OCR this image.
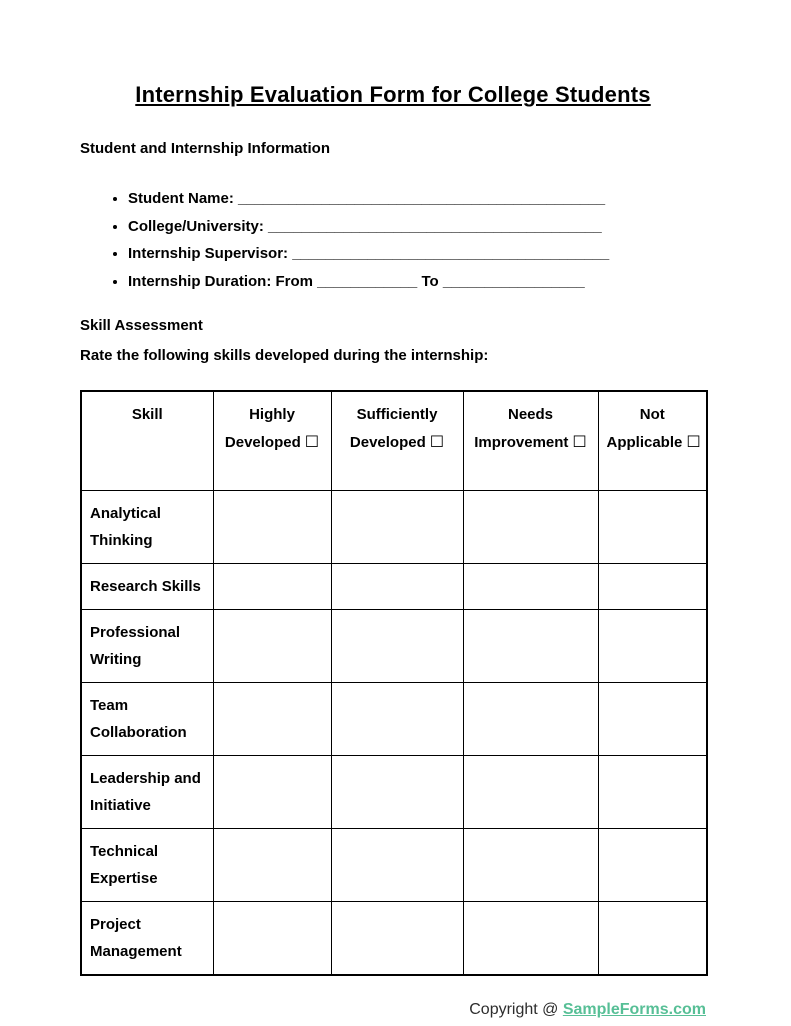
Internship Evaluation Form for College Students
Student and Internship Information
• Student Name: ____________________________________________
• College/University: ________________________________________
• Internship Supervisor: ______________________________________
• Internship Duration: From ____________ To _________________
Skill Assessment

Rate the following skills developed during the internship:

Skill	Highly Developed ☐	Sufficiently Developed ☐	Needs Improvement ☐	Not Applicable ☐
Analytical Thinking				
Research Skills				
Professional Writing				
Team Collaboration				
Leadership and Initiative				
Technical Expertise				
Project Management				
Copyright @ SampleForms.com
